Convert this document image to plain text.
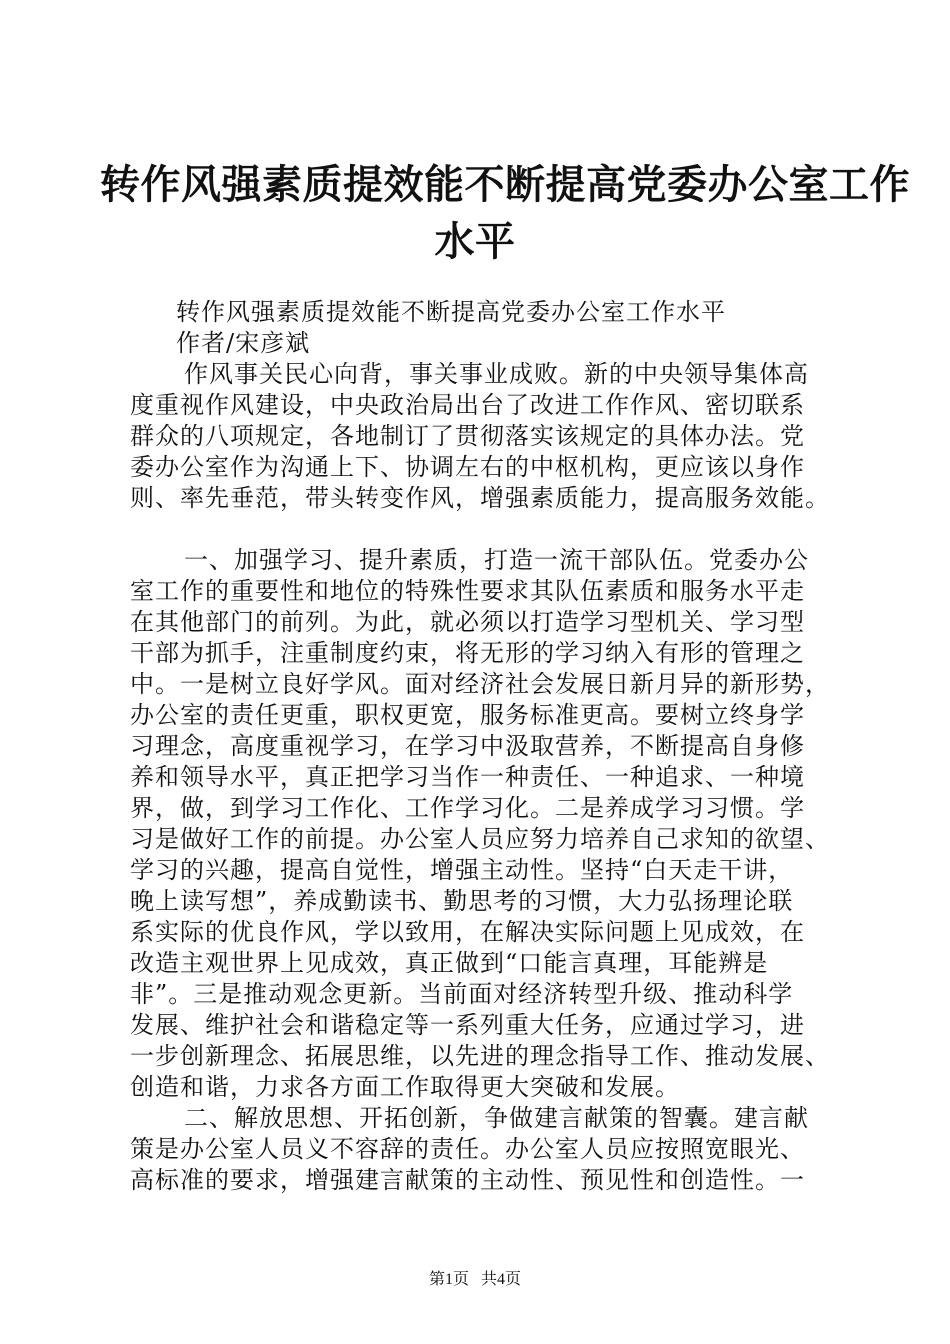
转作风强素质提效能不断提高党委办公室工作
水平
转作风强素质提效能不断提高党委办公室工作水平
作者/宋彦斌
作风事关民心向背，事关事业成败。新的中央领导集体高
度重视作风建设，中央政治局出台了改进工作作风、密切联系
群众的八项规定，各地制订了贯彻落实该规定的具体办法。党
委办公室作为沟通上下、协调左右的中枢机构，更应该以身作
则、率先垂范，带头转变作风，增强素质能力，提高服务效能。
一、加强学习、提升素质，打造一流干部队伍。党委办公
室工作的重要性和地位的特殊性要求其队伍素质和服务水平走
在其他部门的前列。为此，就必须以打造学习型机关、学习型
干部为抓手，注重制度约束，将无形的学习纳入有形的管理之
中。一是树立良好学风。面对经济社会发展日新月异的新形势，
办公室的责任更重，职权更宽，服务标准更高。要树立终身学
习理念，高度重视学习，在学习中汲取营养，不断提高自身修
养和领导水平，真正把学习当作一种责任、一种追求、一种境
界，做，到学习工作化、工作学习化。二是养成学习习惯。学
习是做好工作的前提。办公室人员应努力培养自己求知的欲望、
学习的兴趣，提高自觉性，增强主动性。坚持“白天走干讲，
晚上读写想”，养成勤读书、勤思考的习惯，大力弘扬理论联
系实际的优良作风，学以致用，在解决实际问题上见成效，在
改造主观世界上见成效，真正做到“口能言真理，耳能辨是
非”。三是推动观念更新。当前面对经济转型升级、推动科学
发展、维护社会和谐稳定等一系列重大任务，应通过学习，进
一步创新理念、拓展思维，以先进的理念指导工作、推动发展、
创造和谐，力求各方面工作取得更大突破和发展。
二、解放思想、开拓创新，争做建言献策的智囊。建言献
策是办公室人员义不容辞的责任。办公室人员应按照宽眼光、
高标准的要求，增强建言献策的主动性、预见性和创造性。一
第1页 共4页
